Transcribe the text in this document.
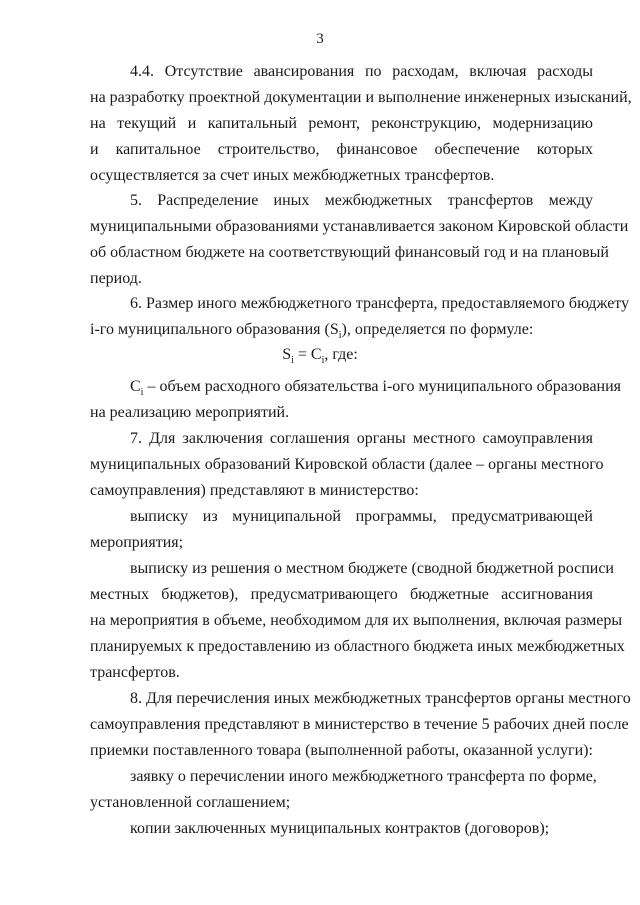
3
4.4. Отсутствие авансирования по расходам, включая расходы
на разработку проектной документации и выполнение инженерных изысканий,
на текущий и капитальный ремонт, реконструкцию, модернизацию
и капитальное строительство, финансовое обеспечение которых
осуществляется за счет иных межбюджетных трансфертов.
5. Распределение иных межбюджетных трансфертов между
муниципальными образованиями устанавливается законом Кировской области
об областном бюджете на соответствующий финансовый год и на плановый
период.
6. Размер иного межбюджетного трансферта, предоставляемого бюджету
i-го муниципального образования $(S_i)$, определяется по формуле:
$S_i = C_i$, где:
$C_i$ – объем расходного обязательства i-ого муниципального образования
на реализацию мероприятий.
7. Для заключения соглашения органы местного самоуправления
муниципальных образований Кировской области (далее – органы местного
самоуправления) представляют в министерство:
выписку из муниципальной программы, предусматривающей
мероприятия;
выписку из решения о местном бюджете (сводной бюджетной росписи
местных бюджетов), предусматривающего бюджетные ассигнования
на мероприятия в объеме, необходимом для их выполнения, включая размеры
планируемых к предоставлению из областного бюджета иных межбюджетных
трансфертов.
8. Для перечисления иных межбюджетных трансфертов органы местного
самоуправления представляют в министерство в течение 5 рабочих дней после
приемки поставленного товара (выполненной работы, оказанной услуги):
заявку о перечислении иного межбюджетного трансферта по форме,
установленной соглашением;
копии заключенных муниципальных контрактов (договоров);
